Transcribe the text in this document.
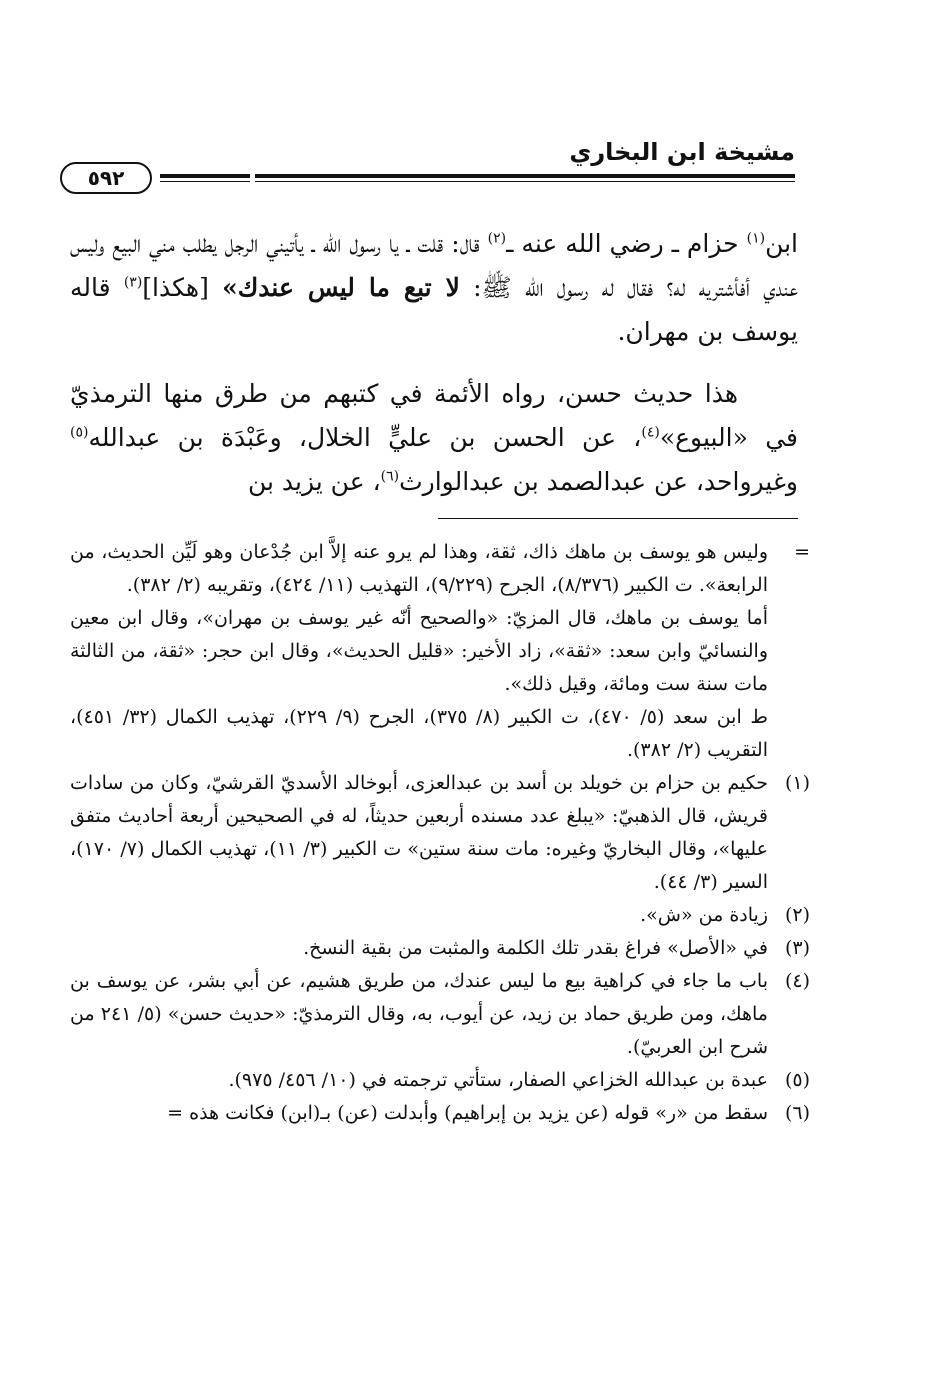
مشيخة ابن البخاري
٥٩٢

ابن$^{(١)}$ حزام ـ رضي الله عنه ـ$^{(٢)}$ قال: قلت ـ يا رسول الله ـ يأتيني الرجل يطلب مني البيع وليس عندي أفأشتريه له؟ فقال له رسول الله ﷺ: لا تبع ما ليس عندك» [هكذا]$^{(٣)}$ قاله يوسف بن مهران.

هذا حديث حسن، رواه الأئمة في كتبهم من طرق منها الترمذيّ في «البيوع»$^{(٤)}$، عن الحسن بن عليٍّ الخلال، وعَبْدَة بن عبدالله$^{(٥)}$ وغيرواحد، عن عبدالصمد بن عبدالوارث$^{(٦)}$، عن يزيد بن

=
وليس هو يوسف بن ماهك ذاك، ثقة، وهذا لم يرو عنه إلاَّ ابن جُدْعان وهو لَيِّن الحديث، من الرابعة». ت الكبير (٨/٣٧٦)، الجرح (٩/٢٢٩)، التهذيب (١١/ ٤٢٤)، وتقريبه (٢/ ٣٨٢).

أما يوسف بن ماهك، قال المزيّ: «والصحيح أنّه غير يوسف بن مهران»، وقال ابن معين والنسائيّ وابن سعد: «ثقة»، زاد الأخير: «قليل الحديث»، وقال ابن حجر: «ثقة، من الثالثة مات سنة ست ومائة، وقيل ذلك».

ط ابن سعد (٥/ ٤٧٠)، ت الكبير (٨/ ٣٧٥)، الجرح (٩/ ٢٢٩)، تهذيب الكمال (٣٢/ ٤٥١)، التقريب (٢/ ٣٨٢).

(١)
حكيم بن حزام بن خويلد بن أسد بن عبدالعزى، أبوخالد الأسديّ القرشيّ، وكان من سادات قريش، قال الذهبيّ: «يبلغ عدد مسنده أربعين حديثاً، له في الصحيحين أربعة أحاديث متفق عليها»، وقال البخاريّ وغيره: مات سنة ستين» ت الكبير (٣/ ١١)، تهذيب الكمال (٧/ ١٧٠)، السير (٣/ ٤٤).
(٢)
زيادة من «ش».
(٣)
في «الأصل» فراغ بقدر تلك الكلمة والمثبت من بقية النسخ.
(٤)
باب ما جاء في كراهية بيع ما ليس عندك، من طريق هشيم، عن أبي بشر، عن يوسف بن ماهك، ومن طريق حماد بن زيد، عن أيوب، به، وقال الترمذيّ: «حديث حسن» (٥/ ٢٤١ من شرح ابن العربيّ).
(٥)
عبدة بن عبدالله الخزاعي الصفار، ستأتي ترجمته في (١٠/ ٤٥٦/ ٩٧٥).
(٦)
سقط من «ر» قوله (عن يزيد بن إبراهيم) وأبدلت (عن) بـ(ابن) فكانت هذه =
